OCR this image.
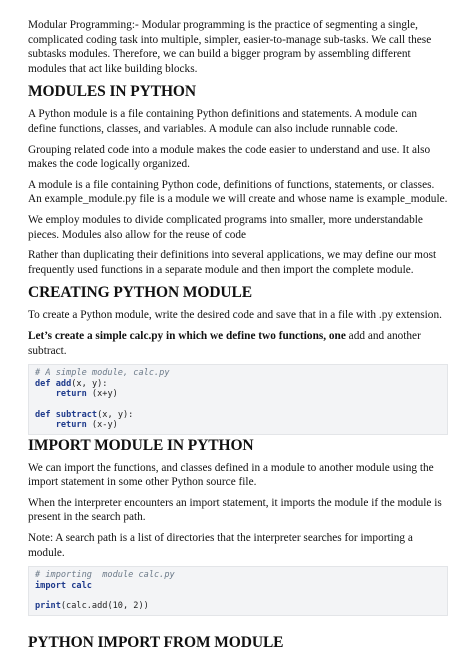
Modular Programming:- Modular programming is the practice of segmenting a single, complicated coding task into multiple, simpler, easier-to-manage sub-tasks. We call these subtasks modules. Therefore, we can build a bigger program by assembling different modules that act like building blocks.

MODULES IN PYTHON

A Python module is a file containing Python definitions and statements. A module can define functions, classes, and variables. A module can also include runnable code.

Grouping related code into a module makes the code easier to understand and use. It also makes the code logically organized.

A module is a file containing Python code, definitions of functions, statements, or classes. An example_module.py file is a module we will create and whose name is example_module.

We employ modules to divide complicated programs into smaller, more understandable pieces. Modules also allow for the reuse of code

Rather than duplicating their definitions into several applications, we may define our most frequently used functions in a separate module and then import the complete module.

CREATING PYTHON MODULE

To create a Python module, write the desired code and save that in a file with .py extension.

Let’s create a simple calc.py in which we define two functions, one add and another subtract.

# A simple module, calc.py
def add(x, y):
return (x+y)

def subtract(x, y):
return (x-y)
IMPORT MODULE IN PYTHON

We can import the functions, and classes defined in a module to another module using the import statement in some other Python source file.

When the interpreter encounters an import statement, it imports the module if the module is present in the search path.

Note: A search path is a list of directories that the interpreter searches for importing a module.

# importing  module calc.py
import calc

print(calc.add(10, 2))
PYTHON IMPORT FROM MODULE
